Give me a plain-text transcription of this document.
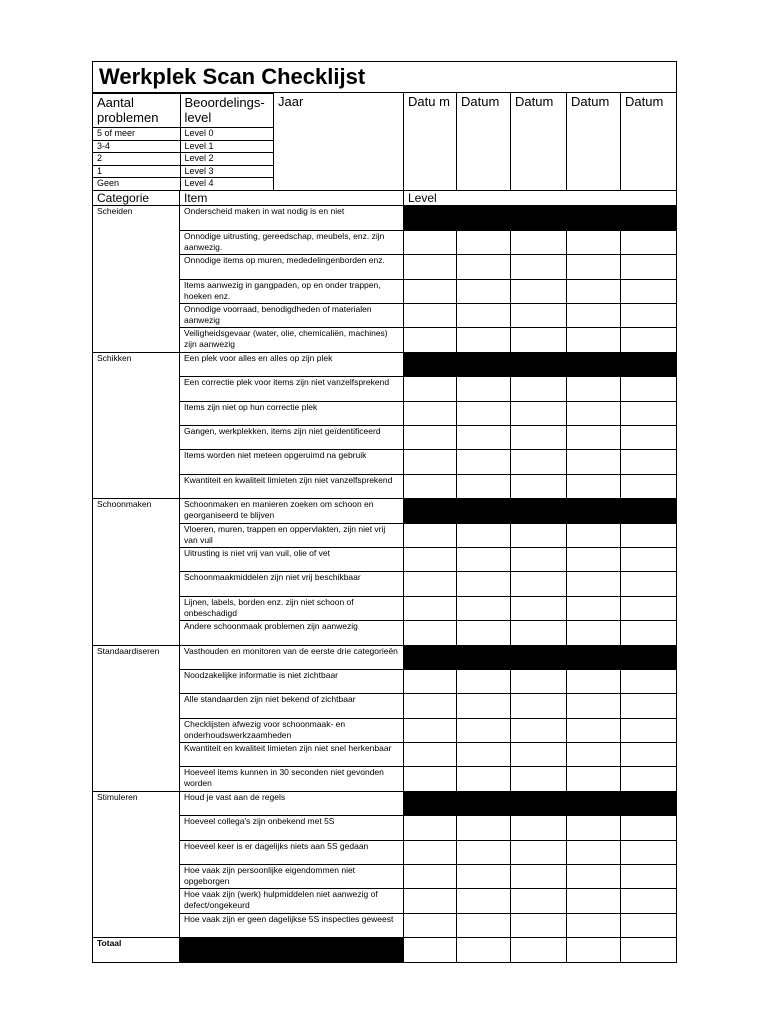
Werkplek Scan Checklijst

Aantal problemen	Beoordelings-level
5 of meer	Level 0
3-4	Level 1
2	Level 2
1	Level 3
Geen	Level 4
	Jaar	Datu m	Datum	Datum	Datum	Datum
Categorie	Item	Level
Scheiden	Onderscheid maken in wat nodig is en niet	
Onnodige uitrusting, gereedschap, meubels, enz. zijn aanwezig.					
Onnodige items op muren, mededelingenborden enz.					
Items aanwezig in gangpaden, op en onder trappen, hoeken enz.					
Onnodige voorraad, benodigdheden of materialen aanwezig					
Veiligheidsgevaar (water, olie, chemicaliën, machines) zijn aanwezig					
Schikken	Een plek voor alles en alles op zijn plek	
Een correctie plek voor items zijn niet vanzelfsprekend					
Items zijn niet op hun correctie plek					
Gangen, werkplekken, items zijn niet geïdentificeerd					
Items worden niet meteen opgeruimd na gebruik					
Kwantiteit en kwaliteit limieten zijn niet vanzelfsprekend					
Schoonmaken	Schoonmaken en manieren zoeken om schoon en georganiseerd te blijven	
Vloeren, muren, trappen en oppervlakten, zijn niet vrij van vuil					
Uitrusting is niet vrij van vuil, olie of vet					
Schoonmaakmiddelen zijn niet vrij beschikbaar					
Lijnen, labels, borden enz. zijn niet schoon of onbeschadigd					
Andere schoonmaak problemen zijn aanwezig					
Standaardiseren	Vasthouden en monitoren van de eerste drie categorieën	
Noodzakelijke informatie is niet zichtbaar					
Alle standaarden zijn niet bekend of zichtbaar					
Checklijsten afwezig voor schoonmaak- en onderhoudswerkzaamheden					
Kwantiteit en kwaliteit limieten zijn niet snel herkenbaar					
Hoeveel items kunnen in 30 seconden niet gevonden worden					
Stimuleren	Houd je vast aan de regels	
Hoeveel collega's zijn onbekend met 5S					
Hoeveel keer is er dagelijks niets aan 5S gedaan					
Hoe vaak zijn persoonlijke eigendommen niet opgeborgen					
Hoe vaak zijn (werk) hulpmiddelen niet aanwezig of defect/ongekeurd					
Hoe vaak zijn er geen dagelijkse 5S inspecties geweest					
Totaal						
